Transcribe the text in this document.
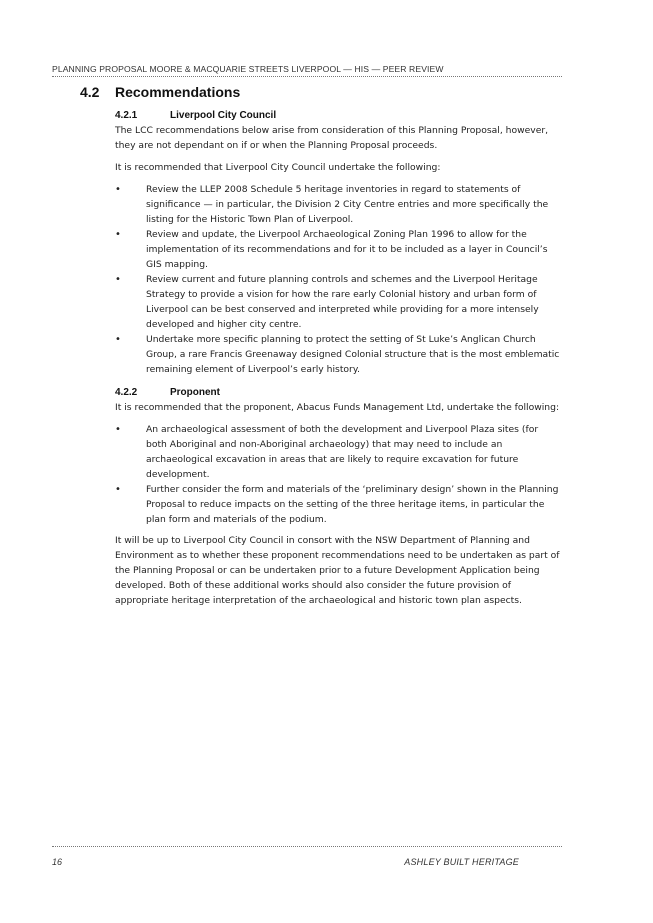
PLANNING PROPOSAL MOORE & MACQUARIE STREETS LIVERPOOL — HIS — PEER REVIEW
4.2 Recommendations
4.2.1	Liverpool City Council

The LCC recommendations below arise from consideration of this Planning Proposal, however, they are not dependant on if or when the Planning Proposal proceeds.

It is recommended that Liverpool City Council undertake the following:

• Review the LLEP 2008 Schedule 5 heritage inventories in regard to statements of significance — in particular, the Division 2 City Centre entries and more specifically the listing for the Historic Town Plan of Liverpool.
• Review and update, the Liverpool Archaeological Zoning Plan 1996 to allow for the implementation of its recommendations and for it to be included as a layer in Council’s GIS mapping.
• Review current and future planning controls and schemes and the Liverpool Heritage Strategy to provide a vision for how the rare early Colonial history and urban form of Liverpool can be best conserved and interpreted while providing for a more intensely developed and higher city centre.
• Undertake more specific planning to protect the setting of St Luke’s Anglican Church Group, a rare Francis Greenaway designed Colonial structure that is the most emblematic remaining element of Liverpool’s early history.
4.2.2	Proponent

It is recommended that the proponent, Abacus Funds Management Ltd, undertake the following:

• An archaeological assessment of both the development and Liverpool Plaza sites (for both Aboriginal and non-Aboriginal archaeology) that may need to include an archaeological excavation in areas that are likely to require excavation for future development.
• Further consider the form and materials of the ‘preliminary design’ shown in the Planning Proposal to reduce impacts on the setting of the three heritage items, in particular the plan form and materials of the podium.

It will be up to Liverpool City Council in consort with the NSW Department of Planning and Environment as to whether these proponent recommendations need to be undertaken as part of the Planning Proposal or can be undertaken prior to a future Development Application being developed. Both of these additional works should also consider the future provision of appropriate heritage interpretation of the archaeological and historic town plan aspects.

16	ASHLEY BUILT HERITAGE
